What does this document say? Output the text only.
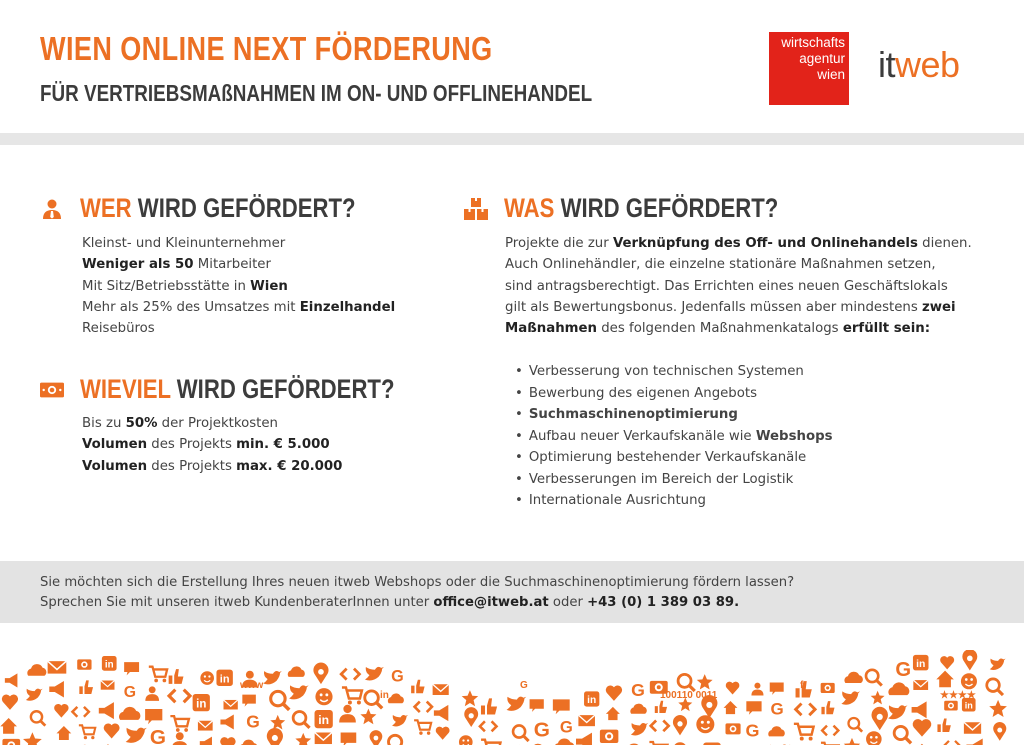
WIEN ONLINE NEXT FÖRDERUNG
FÜR VERTRIEBSMAßNAHMEN IM ON- UND OFFLINEHANDEL
wirtschafts
agentur
wien itweb
WER WIRD GEFÖRDERT?
Kleinst- und Kleinunternehmer
Weniger als 50 Mitarbeiter
Mit Sitz/Betriebsstätte in Wien
Mehr als 25% des Umsatzes mit Einzelhandel
Reisebüros
WIEVIEL WIRD GEFÖRDERT?
Bis zu 50% der Projektkosten
Volumen des Projekts min. € 5.000
Volumen des Projekts max. € 20.000
WAS WIRD GEFÖRDERT?
Projekte die zur Verknüpfung des Off- und Onlinehandels dienen.
Auch Onlinehändler, die einzelne stationäre Maßnahmen setzen,
sind antragsberechtigt. Das Errichten eines neuen Geschäftslokals
gilt als Bewertungsbonus. Jedenfalls müssen aber mindestens zwei
Maßnahmen des folgenden Maßnahmenkatalogs erfüllt sein:
• Verbesserung von technischen Systemen
• Bewerbung des eigenen Angebots
• Suchmaschinenoptimierung
• Aufbau neuer Verkaufskanäle wie Webshops
• Optimierung bestehender Verkaufskanäle
• Verbesserungen im Bereich der Logistik
• Internationale Ausrichtung
Sie möchten sich die Erstellung Ihres neuen itweb Webshops oder die Suchmaschinenoptimierung fördern lassen?
Sprechen Sie mit unseren itweb KundenberaterInnen unter office@itweb.at oder +43 (0) 1 389 03 89.
in
G
G
in
in
G	in
G
G G
in
G
G
G
G in
in
www
in
G
100110 0011
f
★★★★
